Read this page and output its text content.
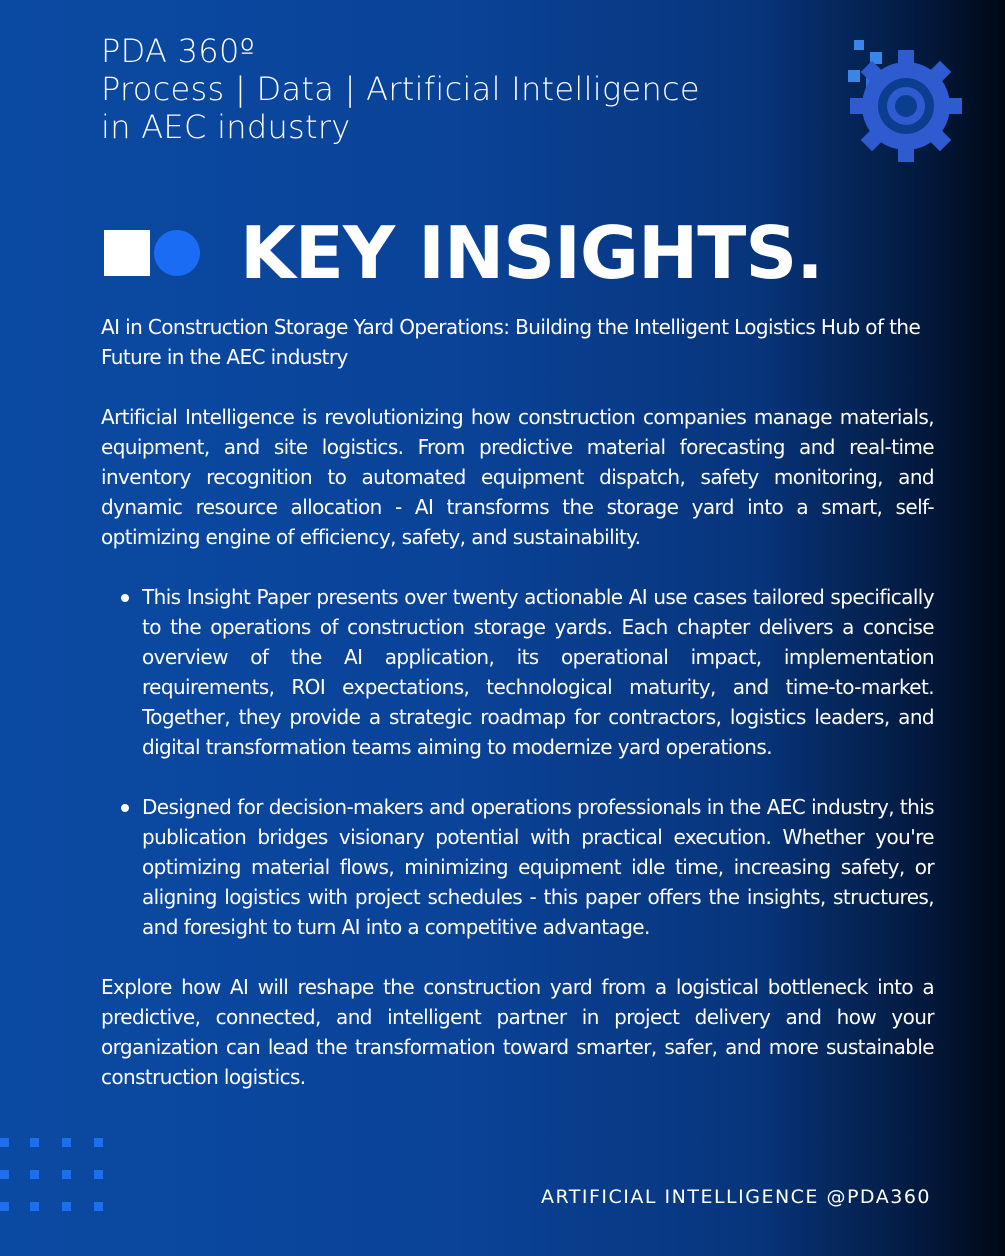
PDA 360º
Process | Data | Artificial Intelligence
in AEC industry
KEY INSIGHTS.

AI in Construction Storage Yard Operations: Building the Intelligent Logistics Hub of the Future in the AEC industry

Artificial Intelligence is revolutionizing how construction companies manage materials, equipment, and site logistics. From predictive material forecasting and real-time inventory recognition to automated equipment dispatch, safety monitoring, and dynamic resource allocation - AI transforms the storage yard into a smart, self-optimizing engine of efficiency, safety, and sustainability.

This Insight Paper presents over twenty actionable AI use cases tailored specifically to the operations of construction storage yards. Each chapter delivers a concise overview of the AI application, its operational impact, implementation requirements, ROI expectations, technological maturity, and time-to-market. Together, they provide a strategic roadmap for contractors, logistics leaders, and digital transformation teams aiming to modernize yard operations.
Designed for decision-makers and operations professionals in the AEC industry, this publication bridges visionary potential with practical execution. Whether you're optimizing material flows, minimizing equipment idle time, increasing safety, or aligning logistics with project schedules - this paper offers the insights, structures, and foresight to turn AI into a competitive advantage.

Explore how AI will reshape the construction yard from a logistical bottleneck into a predictive, connected, and intelligent partner in project delivery and how your organization can lead the transformation toward smarter, safer, and more sustainable construction logistics.

ARTIFICIAL INTELLIGENCE @PDA360
